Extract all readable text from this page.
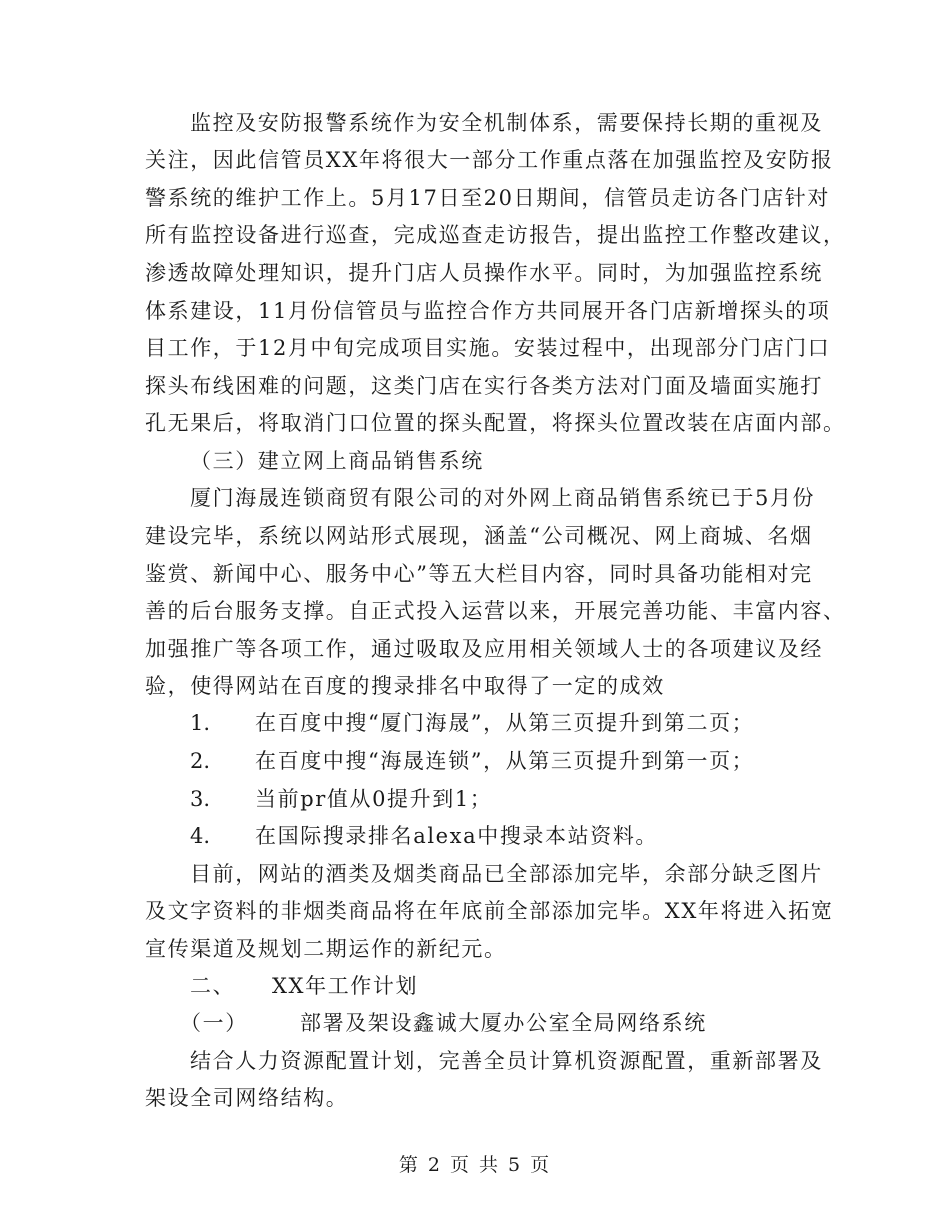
监控及安防报警系统作为安全机制体系，需要保持长期的重视及
关注，因此信管员XX年将很大一部分工作重点落在加强监控及安防报
警系统的维护工作上。5月17日至20日期间，信管员走访各门店针对
所有监控设备进行巡查，完成巡查走访报告，提出监控工作整改建议，
渗透故障处理知识，提升门店人员操作水平。同时，为加强监控系统
体系建设，11月份信管员与监控合作方共同展开各门店新增探头的项
目工作，于12月中旬完成项目实施。安装过程中，出现部分门店门口
探头布线困难的问题，这类门店在实行各类方法对门面及墙面实施打
孔无果后，将取消门口位置的探头配置，将探头位置改装在店面内部。
（三）建立网上商品销售系统
厦门海晟连锁商贸有限公司的对外网上商品销售系统已于5月份
建设完毕，系统以网站形式展现，涵盖“公司概况、网上商城、名烟
鉴赏、新闻中心、服务中心”等五大栏目内容，同时具备功能相对完
善的后台服务支撑。自正式投入运营以来，开展完善功能、丰富内容、
加强推广等各项工作，通过吸取及应用相关领域人士的各项建议及经
验，使得网站在百度的搜录排名中取得了一定的成效
1. 在百度中搜“厦门海晟”，从第三页提升到第二页；
2. 在百度中搜“海晟连锁”，从第三页提升到第一页；
3. 当前pr值从0提升到1；
4. 在国际搜录排名alexa中搜录本站资料。
目前，网站的酒类及烟类商品已全部添加完毕，余部分缺乏图片
及文字资料的非烟类商品将在年底前全部添加完毕。XX年将进入拓宽
宣传渠道及规划二期运作的新纪元。
二、 XX年工作计划
（一） 部署及架设鑫诚大厦办公室全局网络系统
结合人力资源配置计划，完善全员计算机资源配置，重新部署及
架设全司网络结构。
第 2 页 共 5 页
